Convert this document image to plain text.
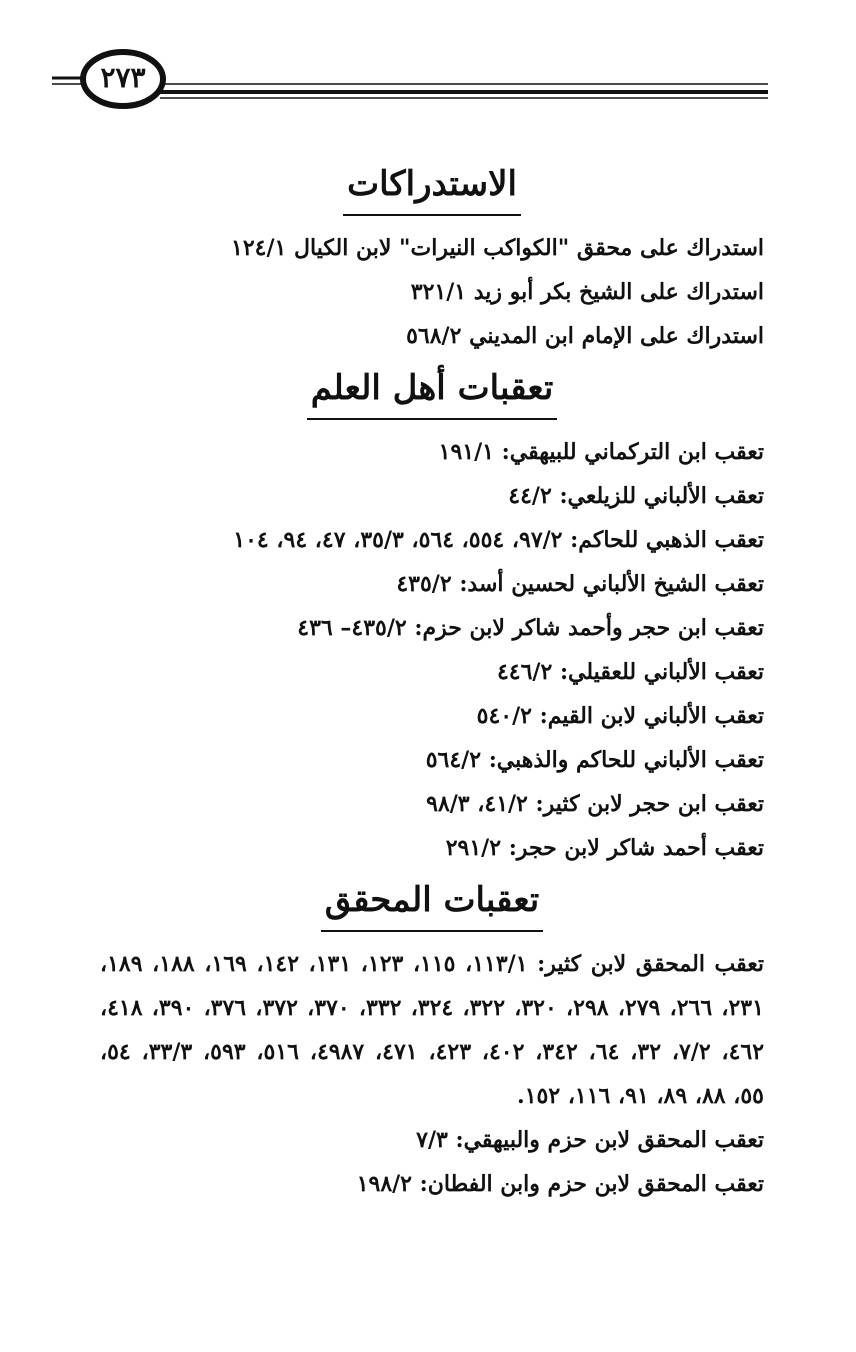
٢٧٣
الاستدراكات
استدراك على محقق "الكواكب النيرات" لابن الكيال ١٢٤/١
استدراك على الشيخ بكر أبو زيد ٣٢١/١
استدراك على الإمام ابن المديني ٥٦٨/٢
تعقبات أهل العلم
تعقب ابن التركماني للبيهقي: ١٩١/١
تعقب الألباني للزيلعي: ٤٤/٢
تعقب الذهبي للحاكم: ٩٧/٢، ٥٥٤، ٥٦٤، ٣٥/٣، ٤٧، ٩٤، ١٠٤
تعقب الشيخ الألباني لحسين أسد: ٤٣٥/٢
تعقب ابن حجر وأحمد شاكر لابن حزم: ٤٣٥/٢– ٤٣٦
تعقب الألباني للعقيلي: ٤٤٦/٢
تعقب الألباني لابن القيم: ٥٤٠/٢
تعقب الألباني للحاكم والذهبي: ٥٦٤/٢
تعقب ابن حجر لابن كثير: ٤١/٢، ٩٨/٣
تعقب أحمد شاكر لابن حجر: ٢٩١/٢
تعقبات المحقق
تعقب المحقق لابن كثير: ١١٣/١، ١١٥، ١٢٣، ١٣١، ١٤٢، ١٦٩، ١٨٨، ١٨٩، ٢٣١، ٢٦٦، ٢٧٩، ٢٩٨، ٣٢٠، ٣٢٢، ٣٢٤، ٣٣٢، ٣٧٠، ٣٧٢، ٣٧٦، ٣٩٠، ٤١٨، ٤٦٢، ٧/٢، ٣٢، ٦٤، ٣٤٢، ٤٠٢، ٤٢٣، ٤٧١، ٤٩٨٧، ٥١٦، ٥٩٣، ٣٣/٣، ٥٤، ٥٥، ٨٨، ٨٩، ٩١، ١١٦، ١٥٢.
تعقب المحقق لابن حزم والبيهقي: ٧/٣
تعقب المحقق لابن حزم وابن الفطان: ١٩٨/٢
